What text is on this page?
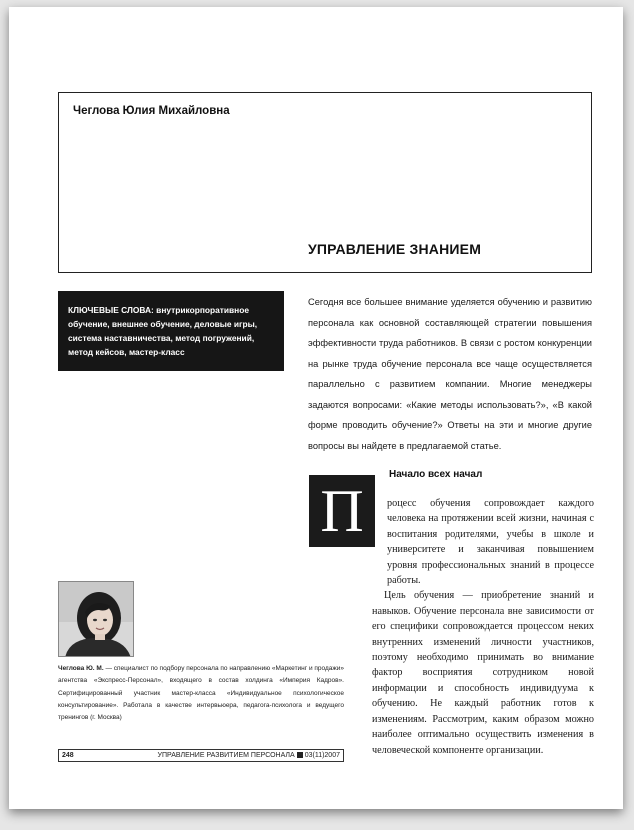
Чеглова Юлия Михайловна
УПРАВЛЕНИЕ ЗНАНИЕМ
КЛЮЧЕВЫЕ СЛОВА: внутрикорпоративное обучение, внешнее обучение, деловые игры, система наставничества, метод погружений, метод кейсов, мастер-класс
Сегодня все большее внимание уделяется обучению и развитию персонала как основной составляющей стратегии повышения эффективности труда работников. В связи с ростом конкуренции на рынке труда обучение персонала все чаще осуществляется параллельно с развитием компании. Многие менеджеры задаются вопросами: «Какие методы использовать?», «В какой форме проводить обучение?» Ответы на эти и многие другие вопросы вы найдете в предлагаемой статье.
П
Начало всех начал

роцесс обучения сопровождает каждого человека на протяжении всей жизни, начиная с воспитания родителями, учебы в школе и университете и заканчивая повышением уровня профессиональных знаний в процессе работы.

Цель обучения — приобретение знаний и навыков. Обучение персонала вне зависимости от его специфики сопровождается процессом неких внутренних изменений личности участников, поэтому необходимо принимать во внимание фактор восприятия сотрудником новой информации и способность индивидуума к обучению. Не каждый работник готов к изменениям. Рассмотрим, каким образом можно наиболее оптимально осуществить изменения в человеческой компоненте организации.

Чеглова Ю. М. — специалист по подбору персонала по направлению «Маркетинг и продажи» агентства «Экспресс-Персонал», входящего в состав холдинга «Империя Кадров». Сертифицированный участник мастер-класса «Индивидуальное психологическое консультирование». Работала в качестве интервьюера, педагога-психолога и ведущего тренингов (г. Москва)
248	УПРАВЛЕНИЕ РАЗВИТИЕМ ПЕРСОНАЛА 03(11)2007
